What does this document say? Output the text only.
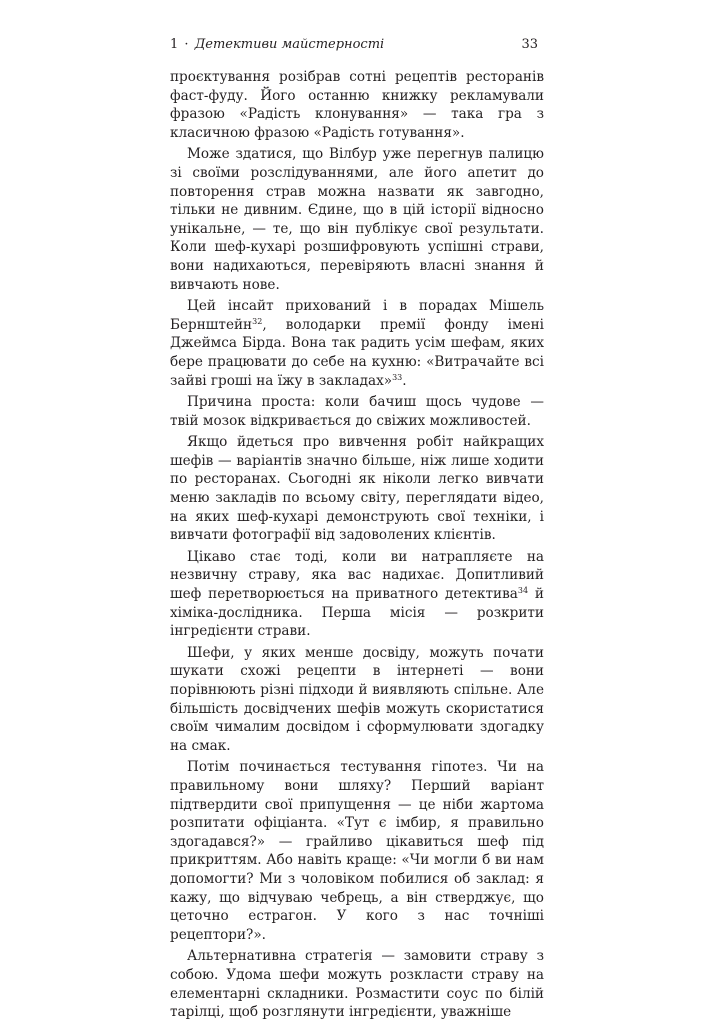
1 · Детективи майстерності	33

проєктування розібрав сотні рецептів ресторанів фаст-фуду. Його останню книжку рекламували фразою «Радість клонування» — така гра з класичною фразою «Радість готування».

Може здатися, що Вілбур уже перегнув палицю зі своїми розслідуваннями, але його апетит до повторення страв можна назвати як завгодно, тільки не дивним. Єдине, що в цій історії відносно унікальне, — те, що він публікує свої результати. Коли шеф-кухарі розшифровують успішні страви, вони надихаються, перевіряють власні знання й вивчають нове.

Цей інсайт прихований і в порадах Мішель Бернштейн$^{32}$, володарки премії фонду імені Джеймса Бірда. Вона так радить усім шефам, яких бере працювати до себе на кухню: «Витрачайте всі зайві гроші на їжу в закладах»$^{33}$.

Причина проста: коли бачиш щось чудове — твій мозок відкривається до свіжих можливостей.

Якщо йдеться про вивчення робіт найкращих шефів — варіантів значно більше, ніж лише ходити по ресторанах. Сьогодні як ніколи легко вивчати меню закладів по всьому світу, переглядати відео, на яких шеф-кухарі демонструють свої техніки, і вивчати фотографії від задоволених клієнтів.

Цікаво стає тоді, коли ви натрапляєте на незвичну страву, яка вас надихає. Допитливий шеф перетворюється на приватного детектива$^{34}$ й хіміка-дослідника. Перша місія — розкрити інгредієнти страви.

Шефи, у яких менше досвіду, можуть почати шукати схожі рецепти в інтернеті — вони порівнюють різні підходи й виявляють спільне. Але більшість досвідчених шефів можуть скористатися своїм чималим досвідом і сформулювати здогадку на смак.

Потім починається тестування гіпотез. Чи на правильному вони шляху? Перший варіант підтвердити свої припущення — це ніби жартома розпитати офіціанта. «Тут є імбир, я правильно здогадався?» — грайливо цікавиться шеф під прикриттям. Або навіть краще: «Чи могли б ви нам допомогти? Ми з чоловіком побилися об заклад: я кажу, що відчуваю чебрець, а він стверджує, що цеточно естрагон. У кого з нас точніші рецептори?».

Альтернативна стратегія — замовити страву з собою. Удома шефи можуть розкласти страву на елементарні складники. Розмастити соус по білій тарілці, щоб розглянути інгредієнти, уважніше
